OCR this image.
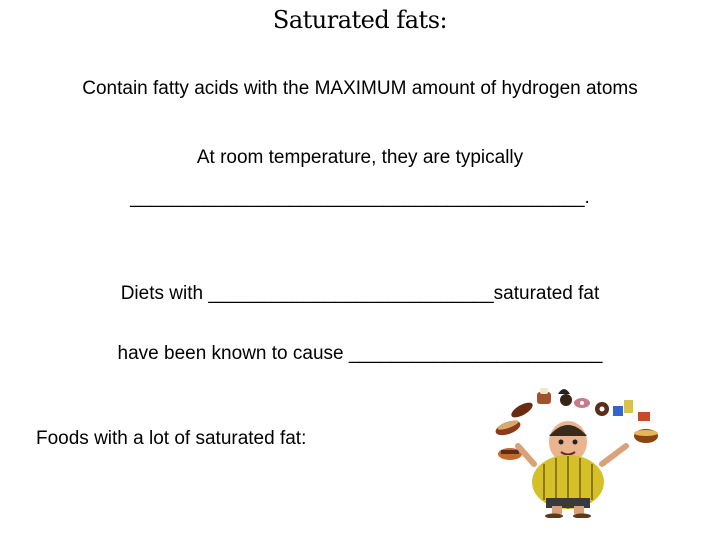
Saturated fats:
Contain fatty acids with the MAXIMUM amount of hydrogen atoms
At room temperature, they are typically
___________________________________________.
Diets with ___________________________saturated fat
have been known to cause ________________________
Foods with a lot of saturated fat:
